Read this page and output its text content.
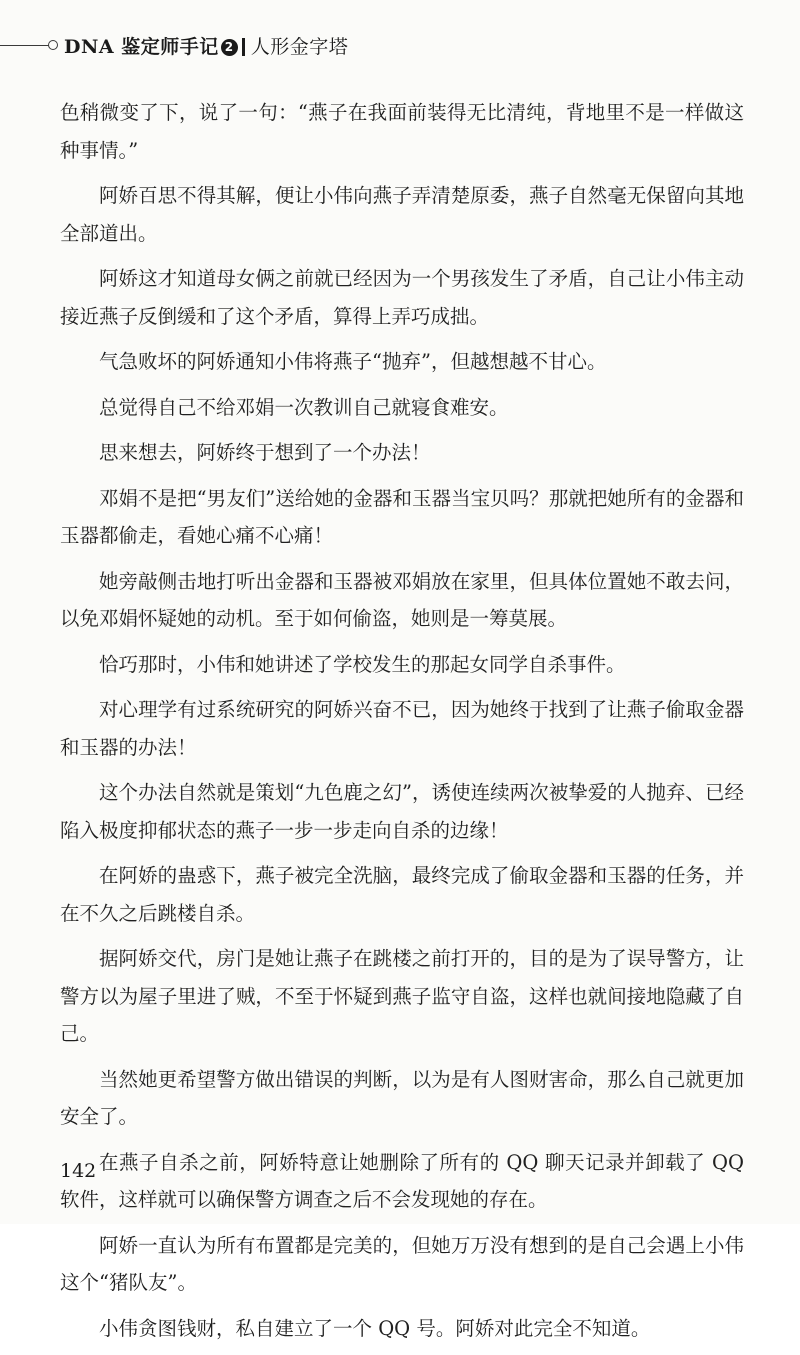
DNA 鉴定师手记 2 人形金字塔

色稍微变了下，说了一句：“燕子在我面前装得无比清纯，背地里不是一样做这种事情。”

阿娇百思不得其解，便让小伟向燕子弄清楚原委，燕子自然毫无保留向其地全部道出。

阿娇这才知道母女俩之前就已经因为一个男孩发生了矛盾，自己让小伟主动接近燕子反倒缓和了这个矛盾，算得上弄巧成拙。

气急败坏的阿娇通知小伟将燕子“抛弃”，但越想越不甘心。

总觉得自己不给邓娟一次教训自己就寝食难安。

思来想去，阿娇终于想到了一个办法！

邓娟不是把“男友们”送给她的金器和玉器当宝贝吗？那就把她所有的金器和玉器都偷走，看她心痛不心痛！

她旁敲侧击地打听出金器和玉器被邓娟放在家里，但具体位置她不敢去问，以免邓娟怀疑她的动机。至于如何偷盗，她则是一筹莫展。

恰巧那时，小伟和她讲述了学校发生的那起女同学自杀事件。

对心理学有过系统研究的阿娇兴奋不已，因为她终于找到了让燕子偷取金器和玉器的办法！

这个办法自然就是策划“九色鹿之幻”，诱使连续两次被挚爱的人抛弃、已经陷入极度抑郁状态的燕子一步一步走向自杀的边缘！

在阿娇的蛊惑下，燕子被完全洗脑，最终完成了偷取金器和玉器的任务，并在不久之后跳楼自杀。

据阿娇交代，房门是她让燕子在跳楼之前打开的，目的是为了误导警方，让警方以为屋子里进了贼，不至于怀疑到燕子监守自盗，这样也就间接地隐藏了自己。

当然她更希望警方做出错误的判断，以为是有人图财害命，那么自己就更加安全了。

在燕子自杀之前，阿娇特意让她删除了所有的 QQ 聊天记录并卸载了 QQ 软件，这样就可以确保警方调查之后不会发现她的存在。

阿娇一直认为所有布置都是完美的，但她万万没有想到的是自己会遇上小伟这个“猪队友”。

小伟贪图钱财，私自建立了一个 QQ 号。阿娇对此完全不知道。

142
